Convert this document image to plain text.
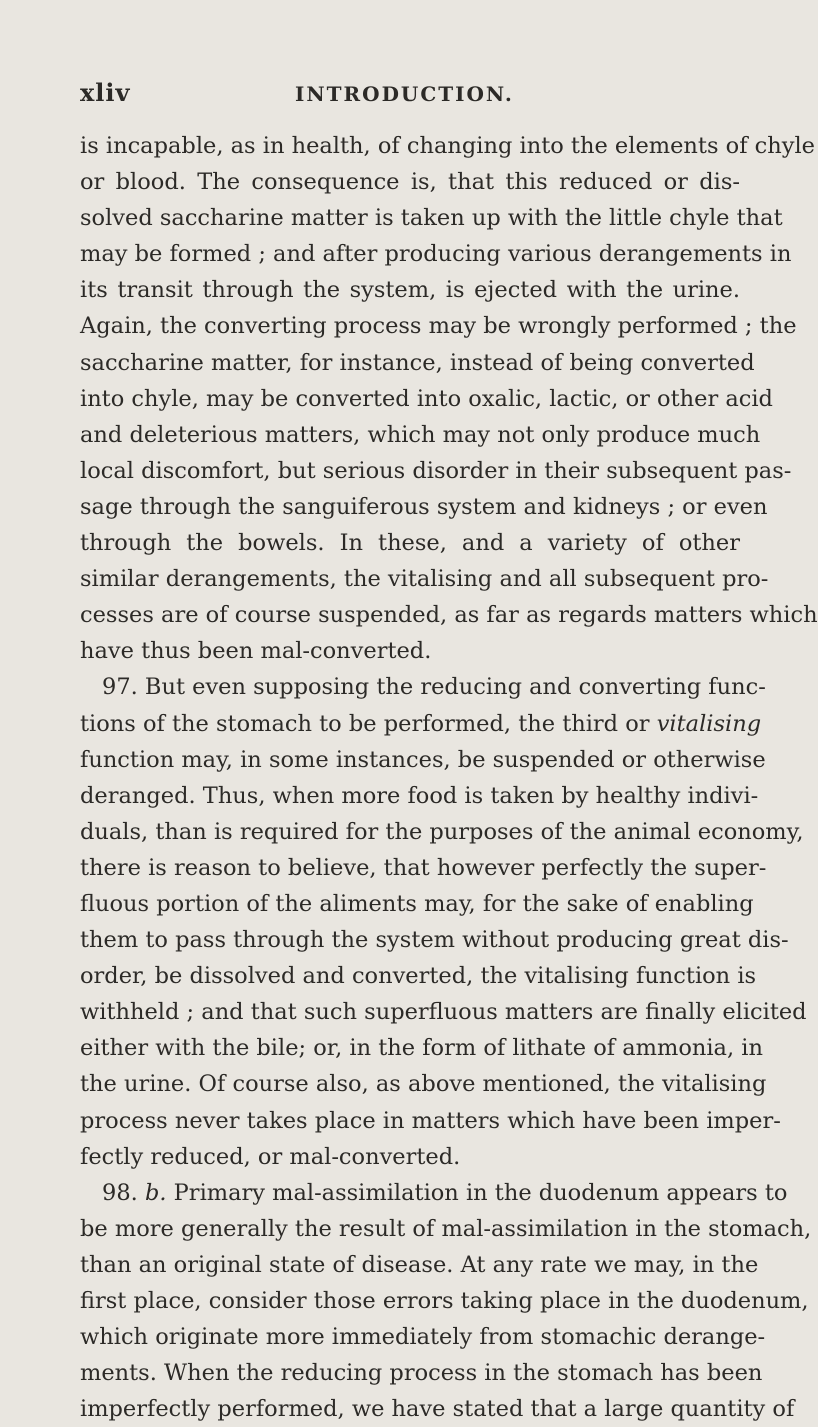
xliv	INTRODUCTION.
is incapable, as in health, of changing into the elements of chyle
or blood. The consequence is, that this reduced or dis-
solved saccharine matter is taken up with the little chyle that
may be formed ; and after producing various derangements in
its transit through the system, is ejected with the urine.
Again, the converting process may be wrongly performed ; the
saccharine matter, for instance, instead of being converted
into chyle, may be converted into oxalic, lactic, or other acid
and deleterious matters, which may not only produce much
local discomfort, but serious disorder in their subsequent pas-
sage through the sanguiferous system and kidneys ; or even
through the bowels. In these, and a variety of other
similar derangements, the vitalising and all subsequent pro-
cesses are of course suspended, as far as regards matters which
have thus been mal-converted.
97. But even supposing the reducing and converting func-
tions of the stomach to be performed, the third or vitalising
function may, in some instances, be suspended or otherwise
deranged. Thus, when more food is taken by healthy indivi-
duals, than is required for the purposes of the animal economy,
there is reason to believe, that however perfectly the super-
fluous portion of the aliments may, for the sake of enabling
them to pass through the system without producing great dis-
order, be dissolved and converted, the vitalising function is
withheld ; and that such superfluous matters are finally elicited
either with the bile; or, in the form of lithate of ammonia, in
the urine. Of course also, as above mentioned, the vitalising
process never takes place in matters which have been imper-
fectly reduced, or mal-converted.
98. b. Primary mal-assimilation in the duodenum appears to
be more generally the result of mal-assimilation in the stomach,
than an original state of disease. At any rate we may, in the
first place, consider those errors taking place in the duodenum,
which originate more immediately from stomachic derange-
ments. When the reducing process in the stomach has been
imperfectly performed, we have stated that a large quantity of
